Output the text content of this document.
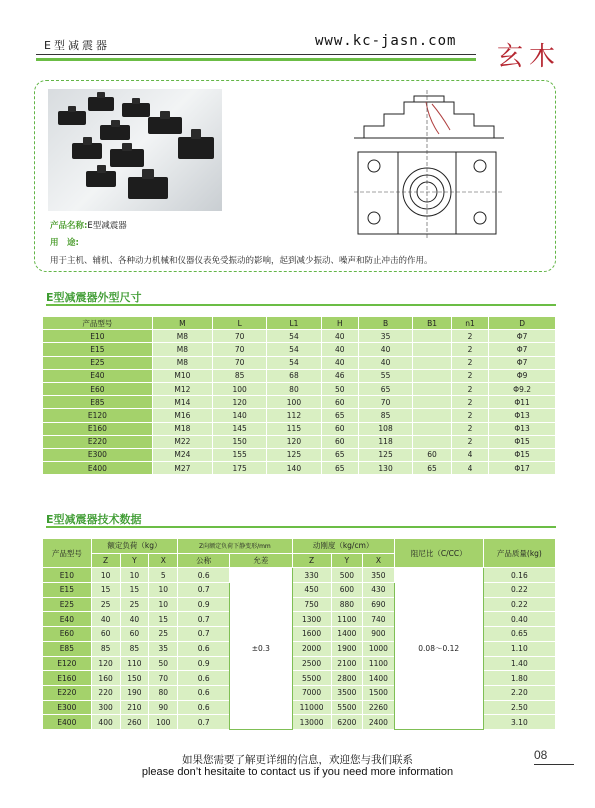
E型减震器	www.kc-jasn.com
玄木
产品名称:E型减震器
用　途:
用于主机、辅机、各种动力机械和仪器仪表免受振动的影响，起到减少振动、噪声和防止冲击的作用。
E型减震器外型尺寸
产品型号	M	L	L1	H	B	B1	n1	D
E10	M8	70	54	40	35		2	Φ7
E15	M8	70	54	40	40		2	Φ7
E25	M8	70	54	40	40		2	Φ7
E40	M10	85	68	46	55		2	Φ9
E60	M12	100	80	50	65		2	Φ9.2
E85	M14	120	100	60	70		2	Φ11
E120	M16	140	112	65	85		2	Φ13
E160	M18	145	115	60	108		2	Φ13
E220	M22	150	120	60	118		2	Φ15
E300	M24	155	125	65	125	60	4	Φ15
E400	M27	175	140	65	130	65	4	Φ17
E型减震器技术数据
产品型号	额定负荷（kg）			Z向额定负荷下静变形/mm		动刚度（kg/cm）			阻尼比（C/CC）	产品质量(kg)
	Z	Y	X	公称	允差	Z	Y	X		
E10	10	10	5	0.6	±0.3	330	500	350	0.08～0.12	0.16
E15	15	15	10	0.7		450	600	430		0.22
E25	25	25	10	0.9		750	880	690		0.22
E40	40	40	15	0.7		1300	1100	740		0.40
E60	60	60	25	0.7		1600	1400	900		0.65
E85	85	85	35	0.6		2000	1900	1000		1.10
E120	120	110	50	0.9		2500	2100	1100		1.40
E160	160	150	70	0.6		5500	2800	1400		1.80
E220	220	190	80	0.6		7000	3500	1500		2.20
E300	300	210	90	0.6		11000	5500	2260		2.50
E400	400	260	100	0.7		13000	6200	2400		3.10
如果您需要了解更详细的信息，欢迎您与我们联系
please don’t hesitaite to contact us if you need more information
08
